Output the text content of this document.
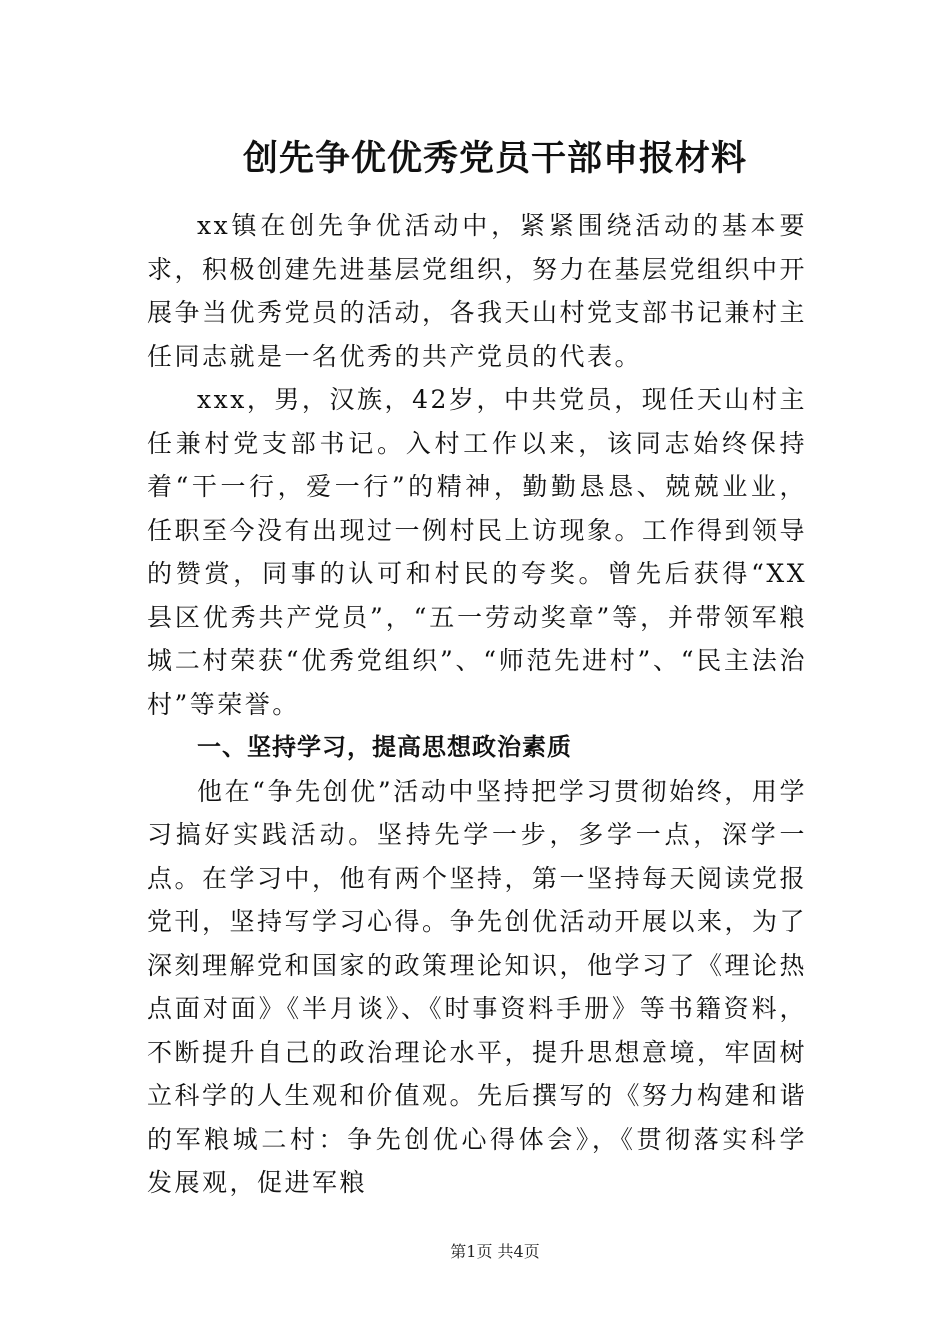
创先争优优秀党员干部申报材料

xx镇在创先争优活动中，紧紧围绕活动的基本要求，积极创建先进基层党组织，努力在基层党组织中开展争当优秀党员的活动，各我天山村党支部书记兼村主任同志就是一名优秀的共产党员的代表。

xxx，男，汉族，42岁，中共党员，现任天山村主任兼村党支部书记。入村工作以来，该同志始终保持着“干一行，爱一行”的精神，勤勤恳恳、兢兢业业，任职至今没有出现过一例村民上访现象。工作得到领导的赞赏，同事的认可和村民的夸奖。曾先后获得“XX县区优秀共产党员”，“五一劳动奖章”等，并带领军粮城二村荣获“优秀党组织”、“师范先进村”、“民主法治村”等荣誉。

一、坚持学习，提高思想政治素质

他在“争先创优”活动中坚持把学习贯彻始终，用学习搞好实践活动。坚持先学一步，多学一点，深学一点。在学习中，他有两个坚持，第一坚持每天阅读党报党刊，坚持写学习心得。争先创优活动开展以来，为了深刻理解党和国家的政策理论知识，他学习了《理论热点面对面》《半月谈》、《时事资料手册》等书籍资料，不断提升自己的政治理论水平，提升思想意境，牢固树立科学的人生观和价值观。先后撰写的《努力构建和谐的军粮城二村：争先创优心得体会》，《贯彻落实科学发展观，促进军粮

第1页 共4页
